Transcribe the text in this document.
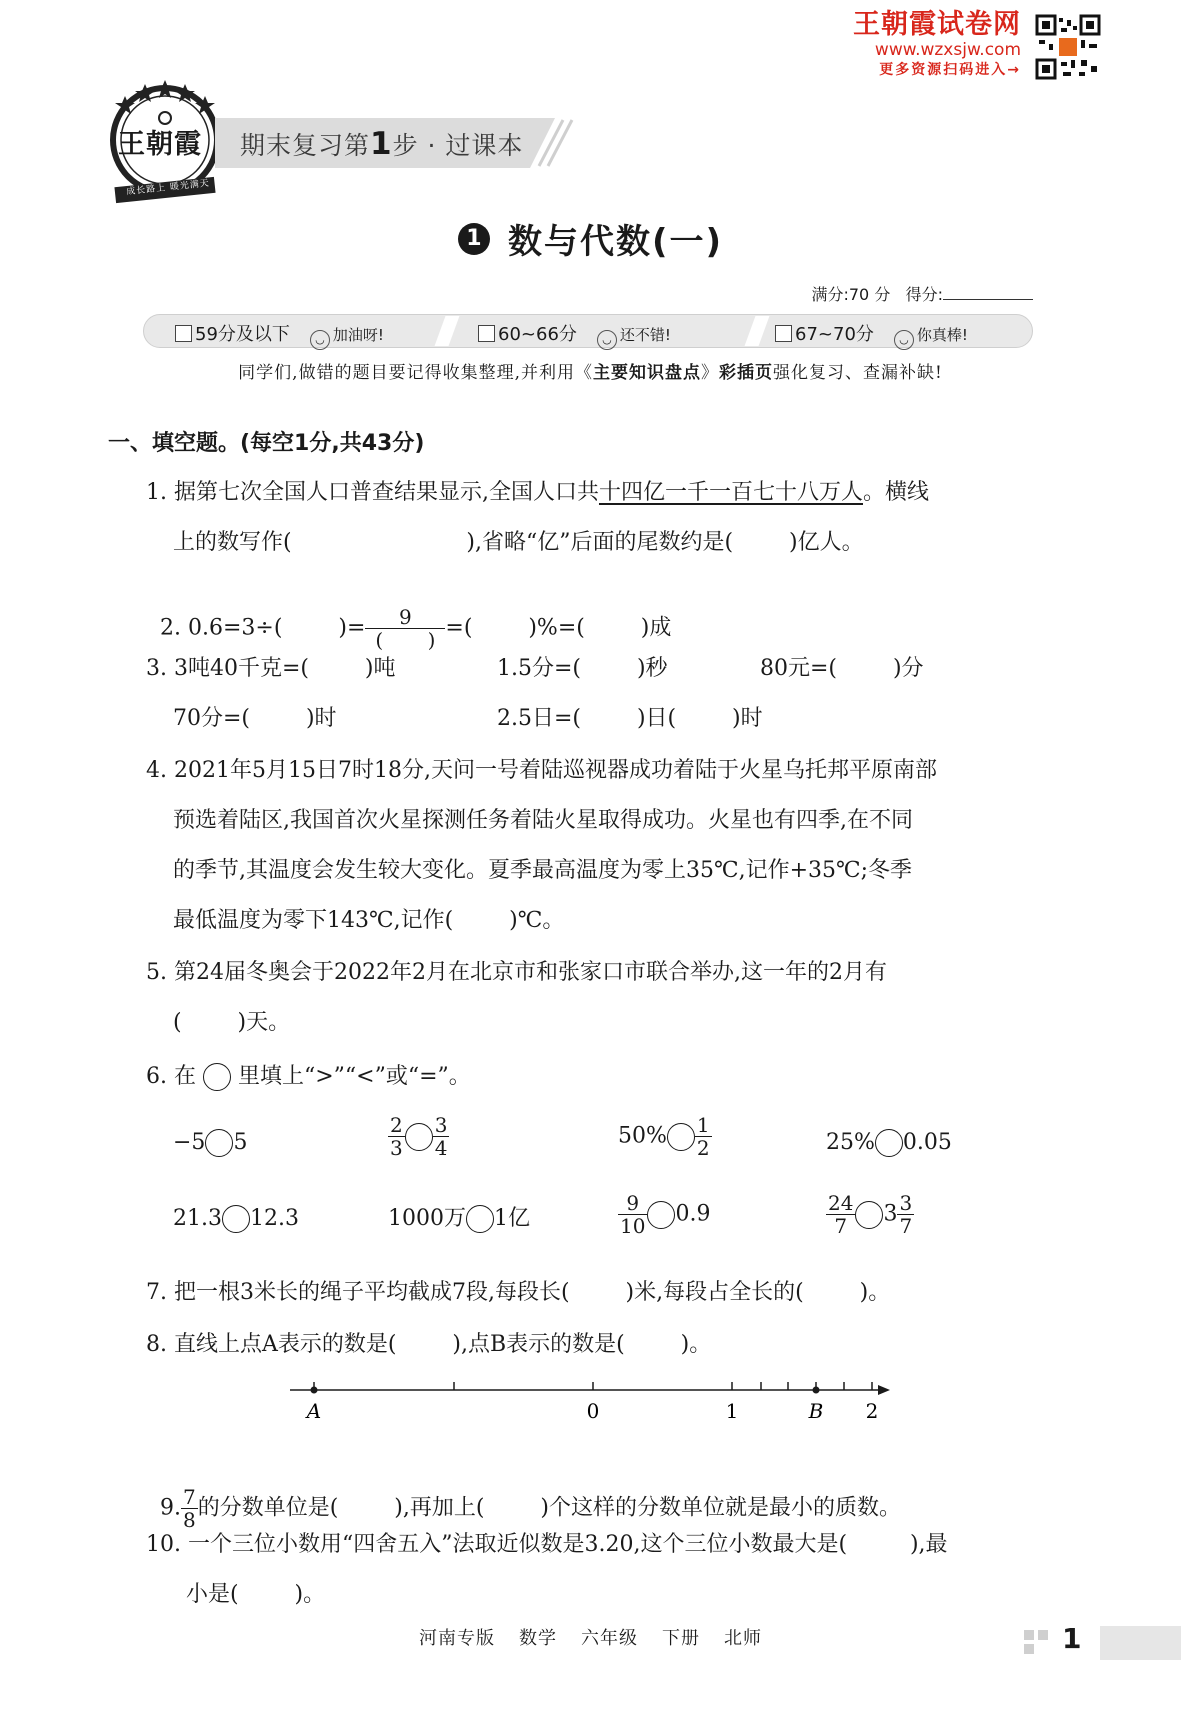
王朝霞试卷网
www.wzxsjw.com
更多资源扫码进入→
王朝霞
成长路上 暖光满天
期末复习第1步 · 过课本
1 数与代数(一)
满分:70 分 得分:
59分及以下 ◡ 加油呀!	60~66分 ◡ 还不错!	67~70分 ◡ 你真棒!
同学们,做错的题目要记得收集整理,并利用《主要知识盘点》彩插页强化复习、查漏补缺!
一、填空题。(每空1分,共43分)
1. 据第七次全国人口普查结果显示,全国人口共十四亿一千一百七十八万人。横线
上的数写作(                         ),省略“亿”后面的尾数约是(        )亿人。

2. 0.6=3÷(        )= $\frac{9}{( )}$ =(        )%=(        )成

3. 3吨40千克=(        )吨	1.5分=(        )秒	80元=(        )分
70分=(        )时	2.5日=(        )日(        )时
4. 2021年5月15日7时18分,天问一号着陆巡视器成功着陆于火星乌托邦平原南部
预选着陆区,我国首次火星探测任务着陆火星取得成功。火星也有四季,在不同
的季节,其温度会发生较大变化。夏季最高温度为零上35℃,记作+35℃;冬季
最低温度为零下143℃,记作(        )℃。
5. 第24届冬奥会于2022年2月在北京市和张家口市联合举办,这一年的2月有
(        )天。
6. 在 里填上“>”“<”或“=”。
−5 5	$\frac{2}{3} \frac{3}{4}$	$50\% \frac{1}{2}$	25% 0.05
21.3 12.3	1000万 1亿	$\frac{9}{10} 0.9$	$\frac{24}{7} 3 \frac{3}{7}$
7. 把一根3米长的绳子平均截成7段,每段长(        )米,每段占全长的(        )。
8. 直线上点A表示的数是(        ),点B表示的数是(        )。
A	0	1	B 2

9. $\frac{7}{8}$ 的分数单位是(        ),再加上(        )个这样的分数单位就是最小的质数。

10. 一个三位小数用“四舍五入”法取近似数是3.20,这个三位小数最大是(         ),最
小是(        )。
河南专版 数学 六年级 下册 北师	1
